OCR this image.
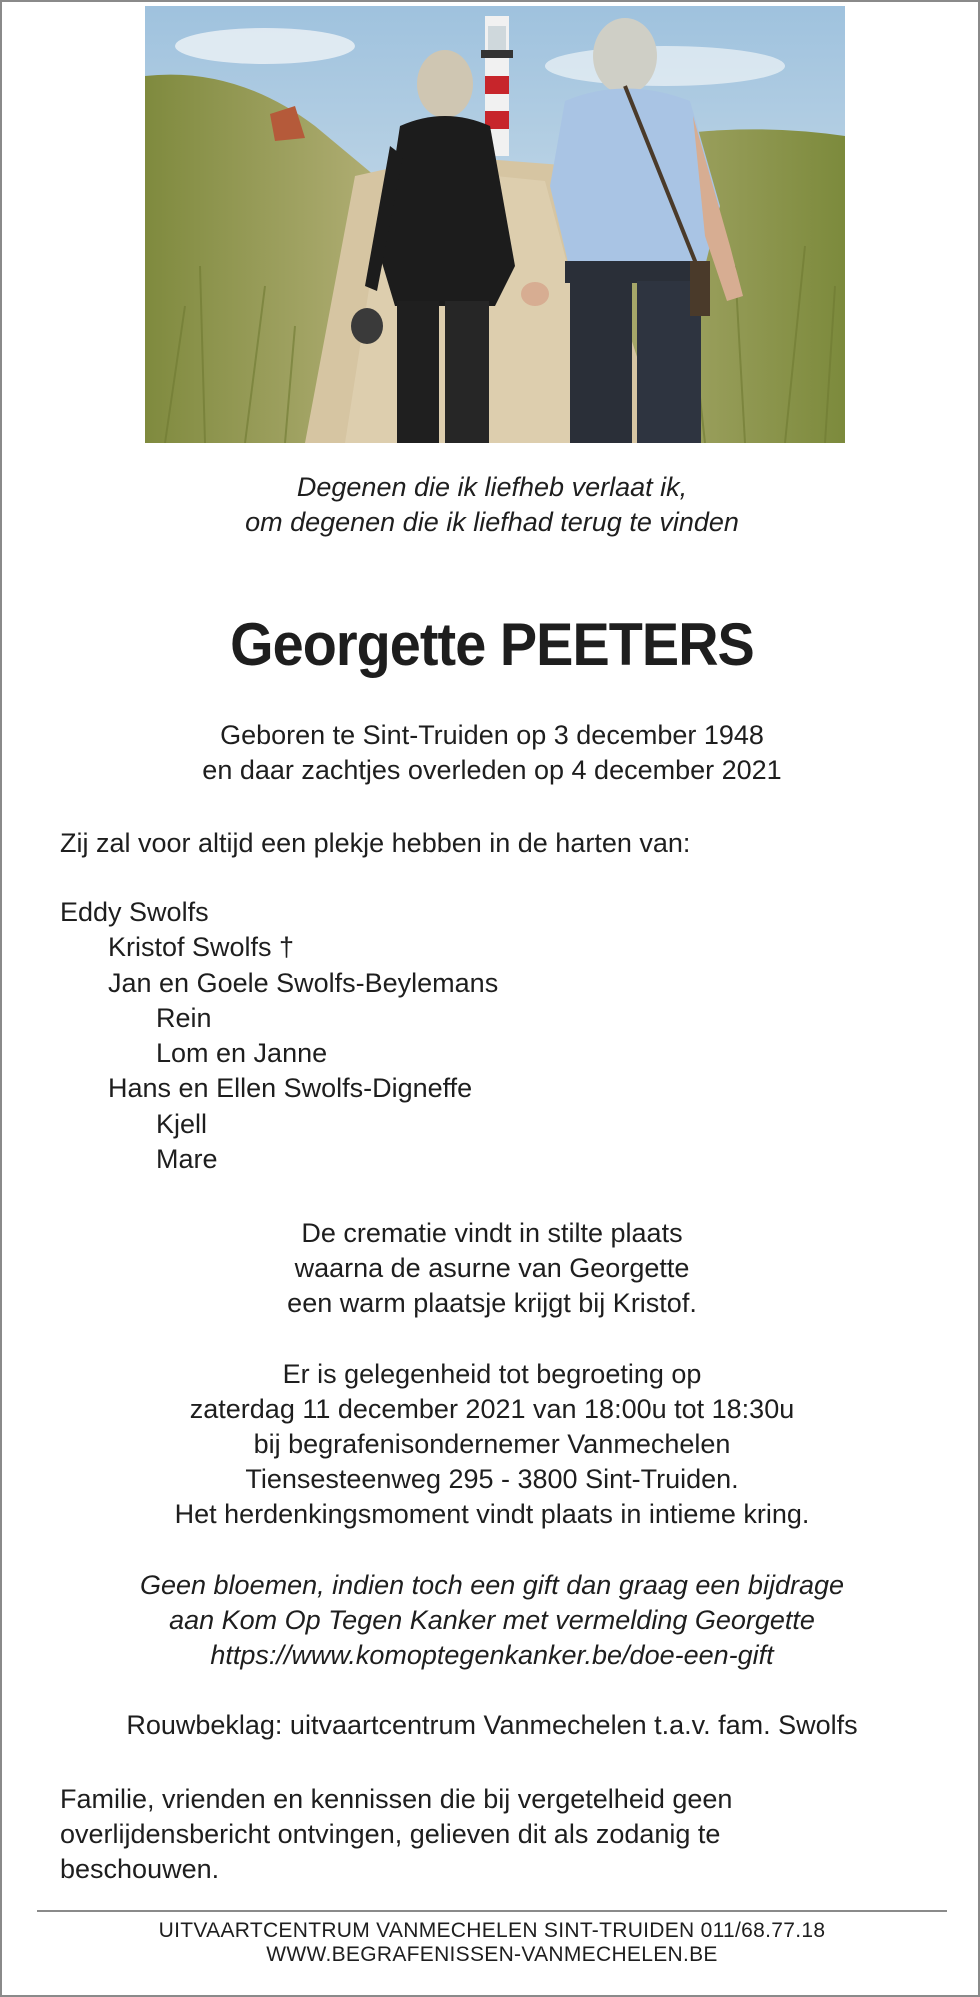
Degenen die ik liefheb verlaat ik,
om degenen die ik liefhad terug te vinden
Georgette PEETERS
Geboren te Sint-Truiden op 3 december 1948
en daar zachtjes overleden op 4 december 2021
Zij zal voor altijd een plekje hebben in de harten van:
Eddy Swolfs
Kristof Swolfs †
Jan en Goele Swolfs-Beylemans
Rein
Lom en Janne
Hans en Ellen Swolfs-Digneffe
Kjell
Mare
De crematie vindt in stilte plaats
waarna de asurne van Georgette
een warm plaatsje krijgt bij Kristof.
Er is gelegenheid tot begroeting op
zaterdag 11 december 2021 van 18:00u tot 18:30u
bij begrafenisondernemer Vanmechelen
Tiensesteenweg 295 - 3800 Sint-Truiden.
Het herdenkingsmoment vindt plaats in intieme kring.
Geen bloemen, indien toch een gift dan graag een bijdrage
aan Kom Op Tegen Kanker met vermelding Georgette
https://www.komoptegenkanker.be/doe-een-gift
Rouwbeklag: uitvaartcentrum Vanmechelen t.a.v. fam. Swolfs
Familie, vrienden en kennissen die bij vergetelheid geen
overlijdensbericht ontvingen, gelieven dit als zodanig te
beschouwen.
UITVAARTCENTRUM VANMECHELEN SINT-TRUIDEN 011/68.77.18
WWW.BEGRAFENISSEN-VANMECHELEN.BE
